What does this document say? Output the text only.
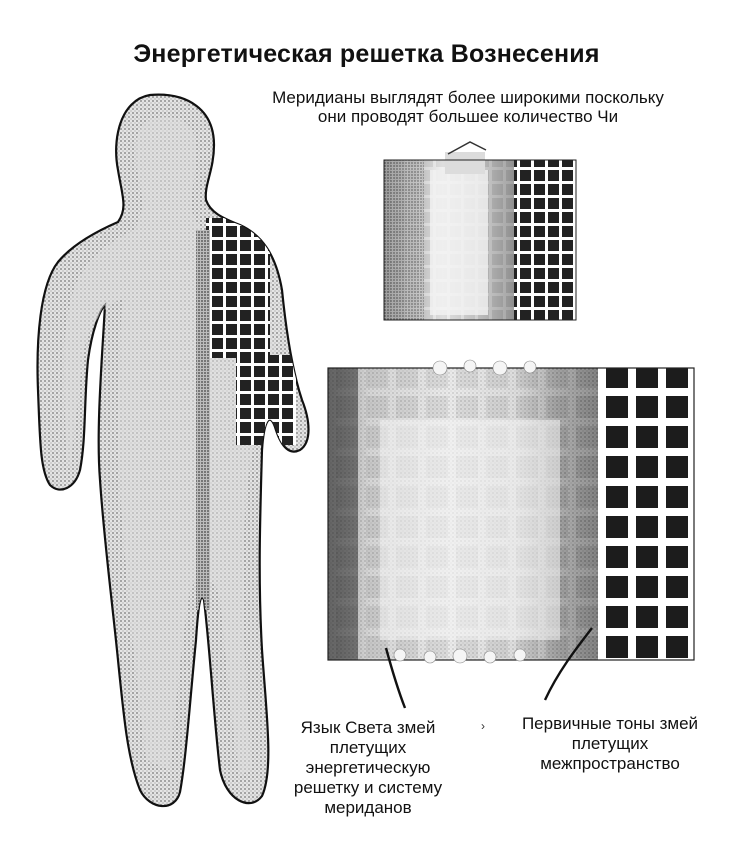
Энергетическая решетка Вознесения
Меридианы выглядят более широкими поскольку
они проводят большее количество Чи
›
Язык Света змей
плетущих
энергетическую
решетку и систему
мериданов
Первичные тоны змей
плетущих
межпространство
